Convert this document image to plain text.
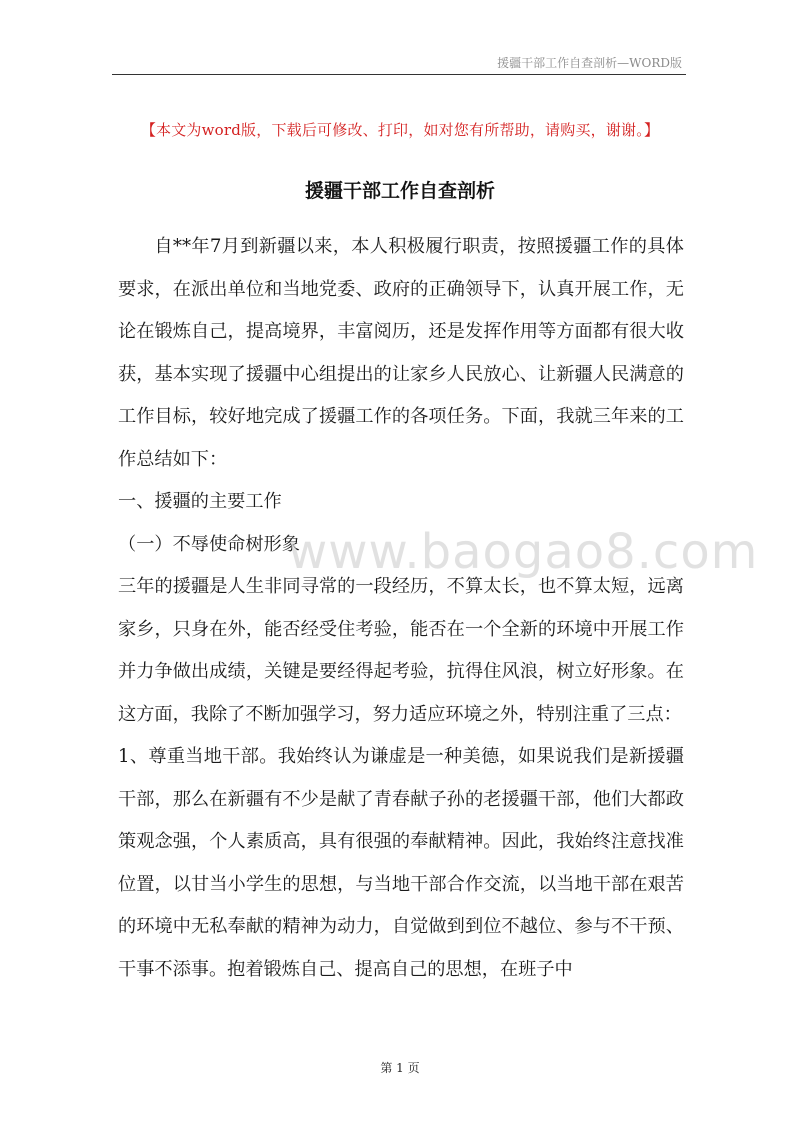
援疆干部工作自查剖析—WORD版
【本文为word版，下载后可修改、打印，如对您有所帮助，请购买，谢谢。】
援疆干部工作自查剖析

自**年7月到新疆以来，本人积极履行职责，按照援疆工作的具体要求，在派出单位和当地党委、政府的正确领导下，认真开展工作，无论在锻炼自己，提高境界，丰富阅历，还是发挥作用等方面都有很大收获，基本实现了援疆中心组提出的让家乡人民放心、让新疆人民满意的工作目标，较好地完成了援疆工作的各项任务。下面，我就三年来的工作总结如下：

一、援疆的主要工作

（一）不辱使命树形象

三年的援疆是人生非同寻常的一段经历，不算太长，也不算太短，远离家乡，只身在外，能否经受住考验，能否在一个全新的环境中开展工作并力争做出成绩，关键是要经得起考验，抗得住风浪，树立好形象。在这方面，我除了不断加强学习，努力适应环境之外，特别注重了三点：

1、尊重当地干部。我始终认为谦虚是一种美德，如果说我们是新援疆干部，那么在新疆有不少是献了青春献子孙的老援疆干部，他们大都政策观念强，个人素质高，具有很强的奉献精神。因此，我始终注意找准位置，以甘当小学生的思想，与当地干部合作交流，以当地干部在艰苦的环境中无私奉献的精神为动力，自觉做到到位不越位、参与不干预、干事不添事。抱着锻炼自己、提高自己的思想，在班子中

www.baogao8.com
第 1 页
